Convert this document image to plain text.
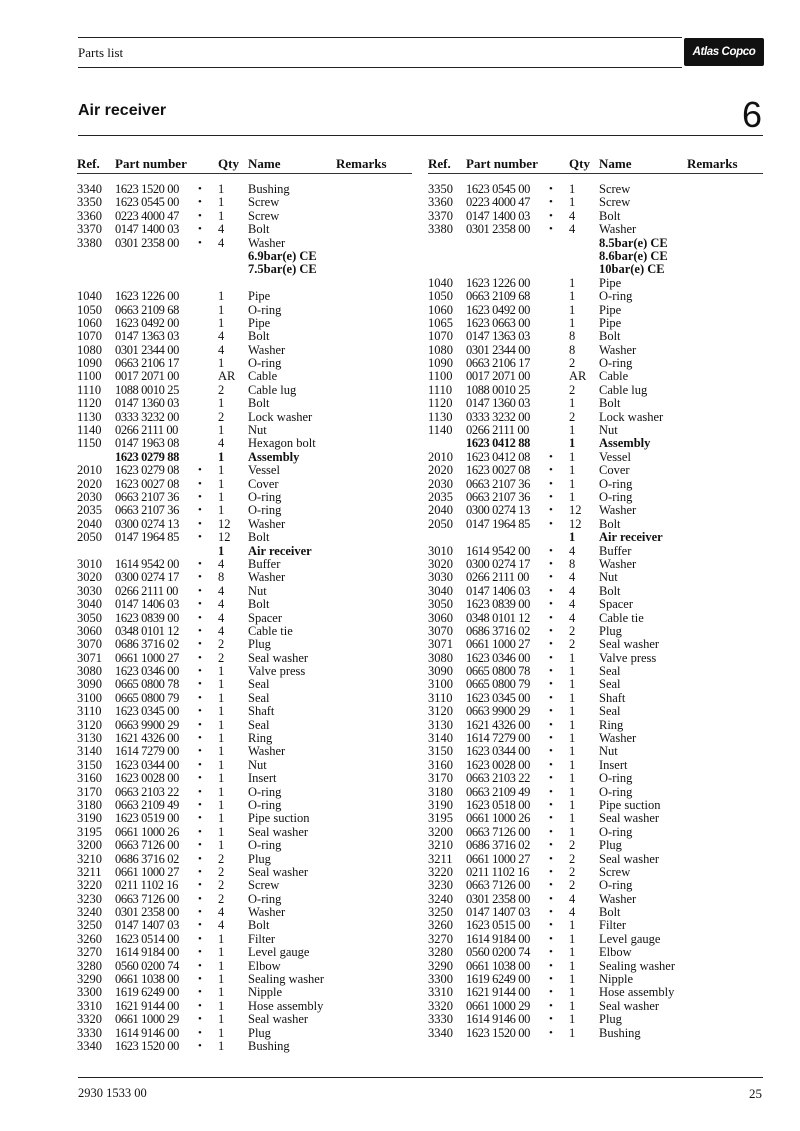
Parts list	Atlas Copco
Air receiver	6
Ref. Part number Qty Name	Remarks
3340 1623 1520 00 • 1 Bushing
3350 1623 0545 00 • 1 Screw
3360 0223 4000 47 • 1 Screw
3370 0147 1400 03 • 4 Bolt
3380 0301 2358 00 • 4 Washer
6.9bar(e) CE
7.5bar(e) CE
1040 1623 1226 00	1 Pipe
1050 0663 2109 68	1 O-ring
1060 1623 0492 00	1 Pipe
1070 0147 1363 03	4 Bolt
1080 0301 2344 00	4 Washer
1090 0663 2106 17	1 O-ring
1100 0017 2071 00	AR Cable
1110 1088 0010 25	2 Cable lug
1120 0147 1360 03	1 Bolt
1130 0333 3232 00	2 Lock washer
1140 0266 2111 00	1 Nut
1150 0147 1963 08	4 Hexagon bolt
1623 0279 88	1 Assembly
2010 1623 0279 08 • 1 Vessel
2020 1623 0027 08 • 1 Cover
2030 0663 2107 36 • 1 O-ring
2035 0663 2107 36 • 1 O-ring
2040 0300 0274 13 • 12 Washer
2050 0147 1964 85 • 12 Bolt
1 Air receiver
3010 1614 9542 00 • 4 Buffer
3020 0300 0274 17 • 8 Washer
3030 0266 2111 00 • 4 Nut
3040 0147 1406 03 • 4 Bolt
3050 1623 0839 00 • 4 Spacer
3060 0348 0101 12 • 4 Cable tie
3070 0686 3716 02 • 2 Plug
3071 0661 1000 27 • 2 Seal washer
3080 1623 0346 00 • 1 Valve press
3090 0665 0800 78 • 1 Seal
3100 0665 0800 79 • 1 Seal
3110 1623 0345 00 • 1 Shaft
3120 0663 9900 29 • 1 Seal
3130 1621 4326 00 • 1 Ring
3140 1614 7279 00 • 1 Washer
3150 1623 0344 00 • 1 Nut
3160 1623 0028 00 • 1 Insert
3170 0663 2103 22 • 1 O-ring
3180 0663 2109 49 • 1 O-ring
3190 1623 0519 00 • 1 Pipe suction
3195 0661 1000 26 • 1 Seal washer
3200 0663 7126 00 • 1 O-ring
3210 0686 3716 02 • 2 Plug
3211 0661 1000 27 • 2 Seal washer
3220 0211 1102 16 • 2 Screw
3230 0663 7126 00 • 2 O-ring
3240 0301 2358 00 • 4 Washer
3250 0147 1407 03 • 4 Bolt
3260 1623 0514 00 • 1 Filter
3270 1614 9184 00 • 1 Level gauge
3280 0560 0200 74 • 1 Elbow
3290 0661 1038 00 • 1 Sealing washer
3300 1619 6249 00 • 1 Nipple
3310 1621 9144 00 • 1 Hose assembly
3320 0661 1000 29 • 1 Seal washer
3330 1614 9146 00 • 1 Plug
3340 1623 1520 00 • 1 Bushing
Ref. Part number Qty Name	Remarks
3350 1623 0545 00 • 1 Screw
3360 0223 4000 47 • 1 Screw
3370 0147 1400 03 • 4 Bolt
3380 0301 2358 00 • 4 Washer
8.5bar(e) CE
8.6bar(e) CE
10bar(e) CE
1040 1623 1226 00	1 Pipe
1050 0663 2109 68	1 O-ring
1060 1623 0492 00	1 Pipe
1065 1623 0663 00	1 Pipe
1070 0147 1363 03	8 Bolt
1080 0301 2344 00	8 Washer
1090 0663 2106 17	2 O-ring
1100 0017 2071 00	AR Cable
1110 1088 0010 25	2 Cable lug
1120 0147 1360 03	1 Bolt
1130 0333 3232 00	2 Lock washer
1140 0266 2111 00	1 Nut
1623 0412 88	1 Assembly
2010 1623 0412 08 • 1 Vessel
2020 1623 0027 08 • 1 Cover
2030 0663 2107 36 • 1 O-ring
2035 0663 2107 36 • 1 O-ring
2040 0300 0274 13 • 12 Washer
2050 0147 1964 85 • 12 Bolt
1 Air receiver
3010 1614 9542 00 • 4 Buffer
3020 0300 0274 17 • 8 Washer
3030 0266 2111 00 • 4 Nut
3040 0147 1406 03 • 4 Bolt
3050 1623 0839 00 • 4 Spacer
3060 0348 0101 12 • 4 Cable tie
3070 0686 3716 02 • 2 Plug
3071 0661 1000 27 • 2 Seal washer
3080 1623 0346 00 • 1 Valve press
3090 0665 0800 78 • 1 Seal
3100 0665 0800 79 • 1 Seal
3110 1623 0345 00 • 1 Shaft
3120 0663 9900 29 • 1 Seal
3130 1621 4326 00 • 1 Ring
3140 1614 7279 00 • 1 Washer
3150 1623 0344 00 • 1 Nut
3160 1623 0028 00 • 1 Insert
3170 0663 2103 22 • 1 O-ring
3180 0663 2109 49 • 1 O-ring
3190 1623 0518 00 • 1 Pipe suction
3195 0661 1000 26 • 1 Seal washer
3200 0663 7126 00 • 1 O-ring
3210 0686 3716 02 • 2 Plug
3211 0661 1000 27 • 2 Seal washer
3220 0211 1102 16 • 2 Screw
3230 0663 7126 00 • 2 O-ring
3240 0301 2358 00 • 4 Washer
3250 0147 1407 03 • 4 Bolt
3260 1623 0515 00 • 1 Filter
3270 1614 9184 00 • 1 Level gauge
3280 0560 0200 74 • 1 Elbow
3290 0661 1038 00 • 1 Sealing washer
3300 1619 6249 00 • 1 Nipple
3310 1621 9144 00 • 1 Hose assembly
3320 0661 1000 29 • 1 Seal washer
3330 1614 9146 00 • 1 Plug
3340 1623 1520 00 • 1 Bushing
2930 1533 00	25
